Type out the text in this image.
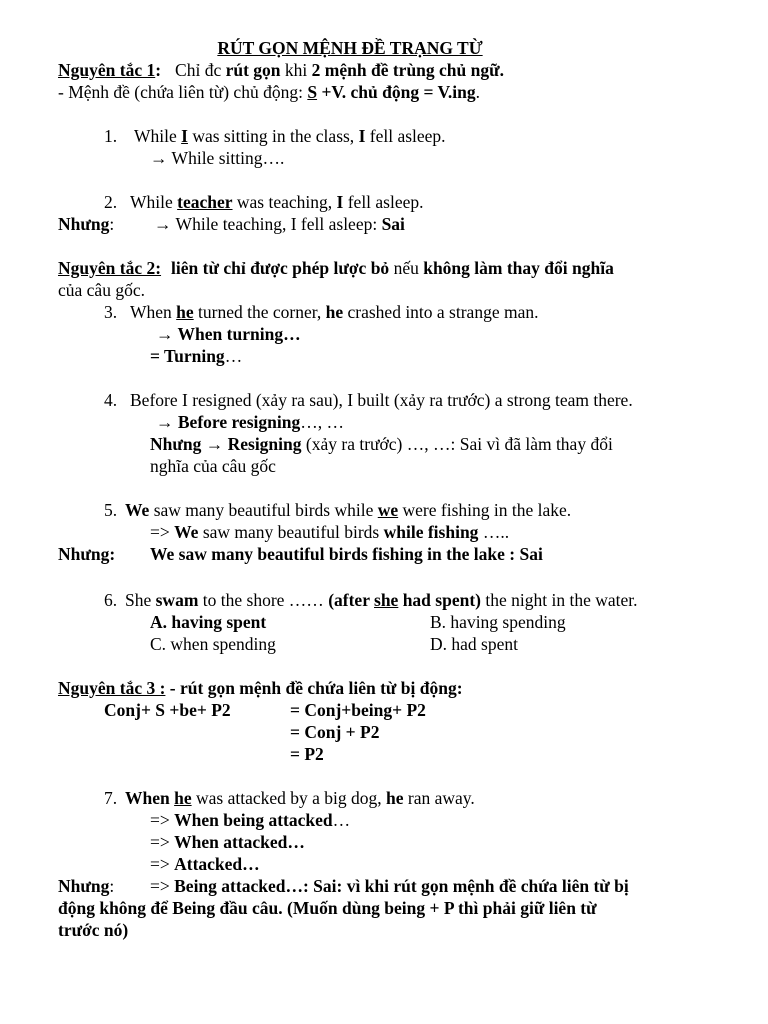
RÚT GỌN MỆNH ĐỀ TRẠNG TỪ
Nguyên tắc 1: Chỉ đc rút gọn khi 2 mệnh đề trùng chủ ngữ.
- Mệnh đề (chứa liên từ) chủ động: S +V. chủ động = V.ing.
1. While I was sitting in the class, I fell asleep.
→ While sitting….
2. While teacher was teaching, I fell asleep.
Nhưng: → While teaching, I fell asleep: Sai
Nguyên tắc 2: liên từ chỉ được phép lược bỏ nếu không làm thay đổi nghĩa
của câu gốc.
3. When he turned the corner, he crashed into a strange man.
→ When turning…
= Turning…
4. Before I resigned (xảy ra sau), I built (xảy ra trước) a strong team there.
→ Before resigning…, …
Nhưng → Resigning (xảy ra trước) …, …: Sai vì đã làm thay đổi
nghĩa của câu gốc
5. We saw many beautiful birds while we were fishing in the lake.
=> We saw many beautiful birds while fishing …..
Nhưng: We saw many beautiful birds fishing in the lake : Sai
6. She swam to the shore …… (after she had spent) the night in the water.
A. having spent	B. having spending
C. when spending	D. had spent
Nguyên tắc 3 : - rút gọn mệnh đề chứa liên từ bị động:
Conj+ S +be+ P2	= Conj+being+ P2
= Conj + P2
= P2
7. When he was attacked by a big dog, he ran away.
=> When being attacked…
=> When attacked…
=> Attacked…
Nhưng: => Being attacked…: Sai: vì khi rút gọn mệnh đề chứa liên từ bị
động không để Being đầu câu. (Muốn dùng being + P thì phải giữ liên từ
trước nó)
